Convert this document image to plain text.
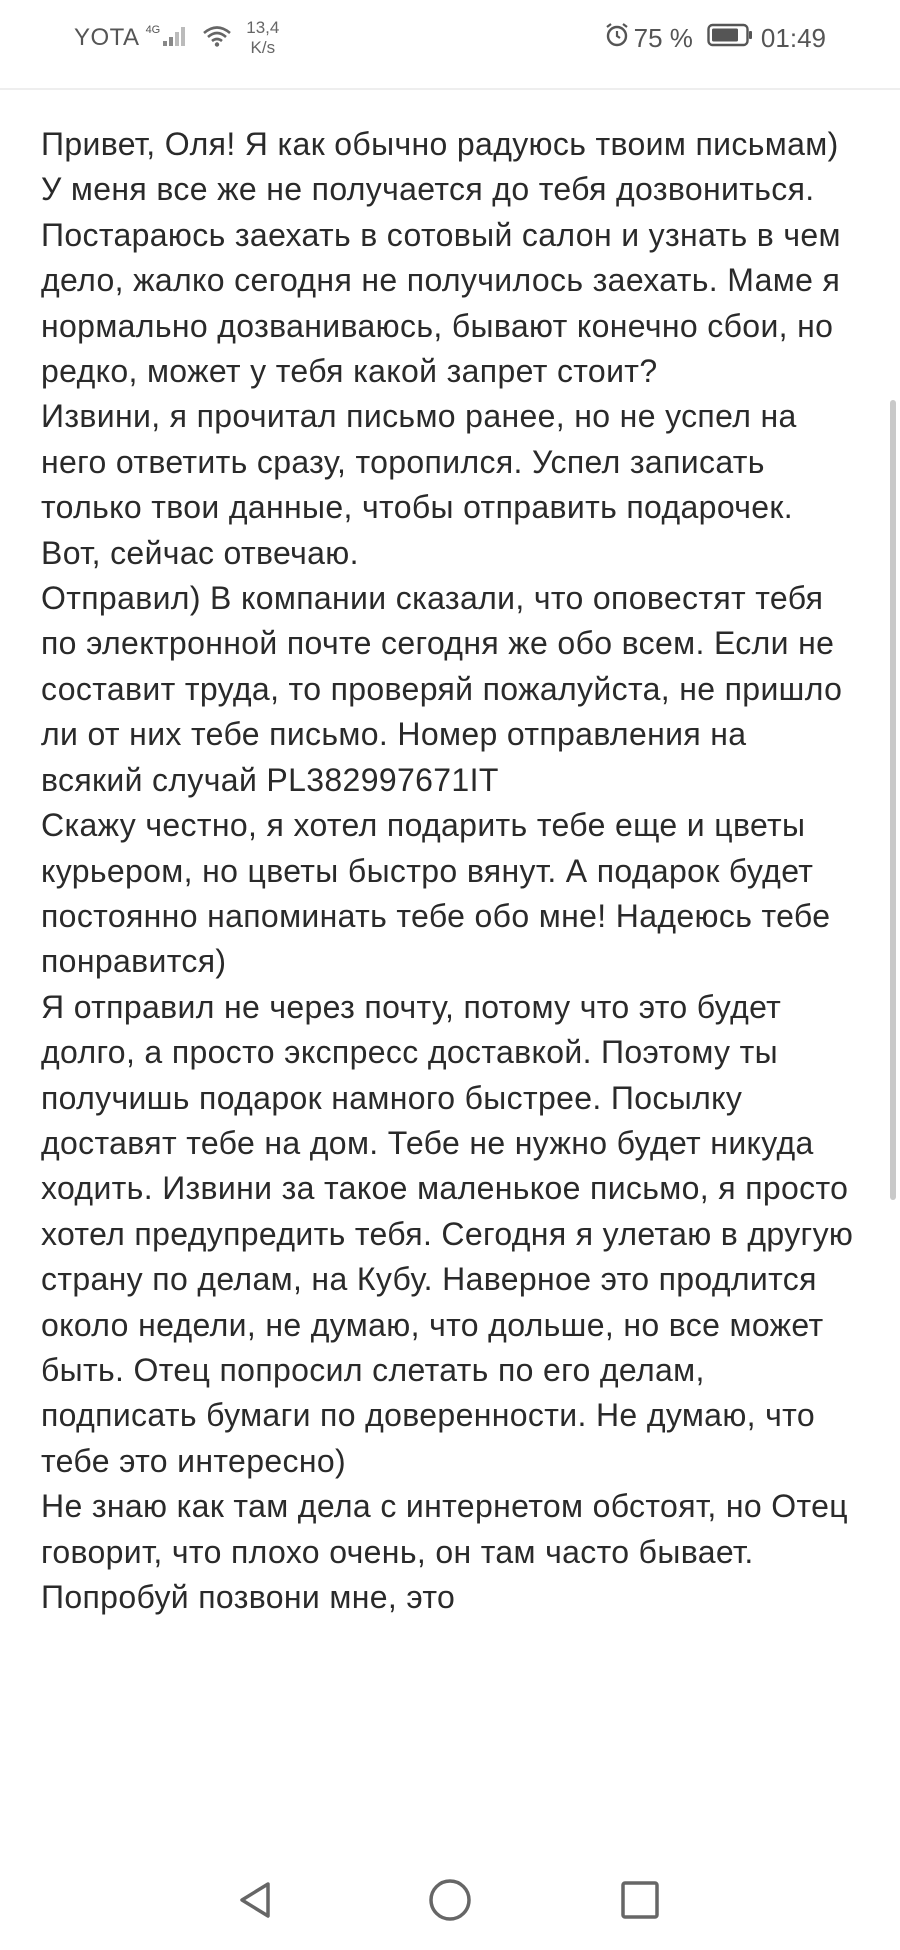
YOTA 4G	13,4
K/s	75 %	01:49

Привет, Оля! Я как обычно радуюсь твоим письмам)

У меня все же не получается до тебя дозвониться. Постараюсь заехать в сотовый салон и узнать в чем дело, жалко сегодня не получилось заехать. Маме я нормально дозваниваюсь, бывают конечно сбои, но редко, может у тебя какой запрет стоит?

Извини, я прочитал письмо ранее, но не успел на него ответить сразу, торопился. Успел записать только твои данные, чтобы отправить подарочек. Вот, сейчас отвечаю.

Отправил) В компании сказали, что оповестят тебя по электронной почте сегодня же обо всем. Если не составит труда, то проверяй пожалуйста, не пришло ли от них тебе письмо. Номер отправления на всякий случай PL382997671IT

Скажу честно, я хотел подарить тебе еще и цветы курьером, но цветы быстро вянут. А подарок будет постоянно напоминать тебе обо мне! Надеюсь тебе понравится)

Я отправил не через почту, потому что это будет долго, а просто экспресс доставкой. Поэтому ты получишь подарок намного быстрее. Посылку доставят тебе на дом. Тебе не нужно будет никуда ходить. Извини за такое маленькое письмо, я просто хотел предупредить тебя. Сегодня я улетаю в другую страну по делам, на Кубу. Наверное это продлится около недели, не думаю, что дольше, но все может быть. Отец попросил слетать по его делам, подписать бумаги по доверенности. Не думаю, что тебе это интересно)

Не знаю как там дела с интернетом обстоят, но Отец говорит, что плохо очень, он там часто бывает. Попробуй позвони мне, это
